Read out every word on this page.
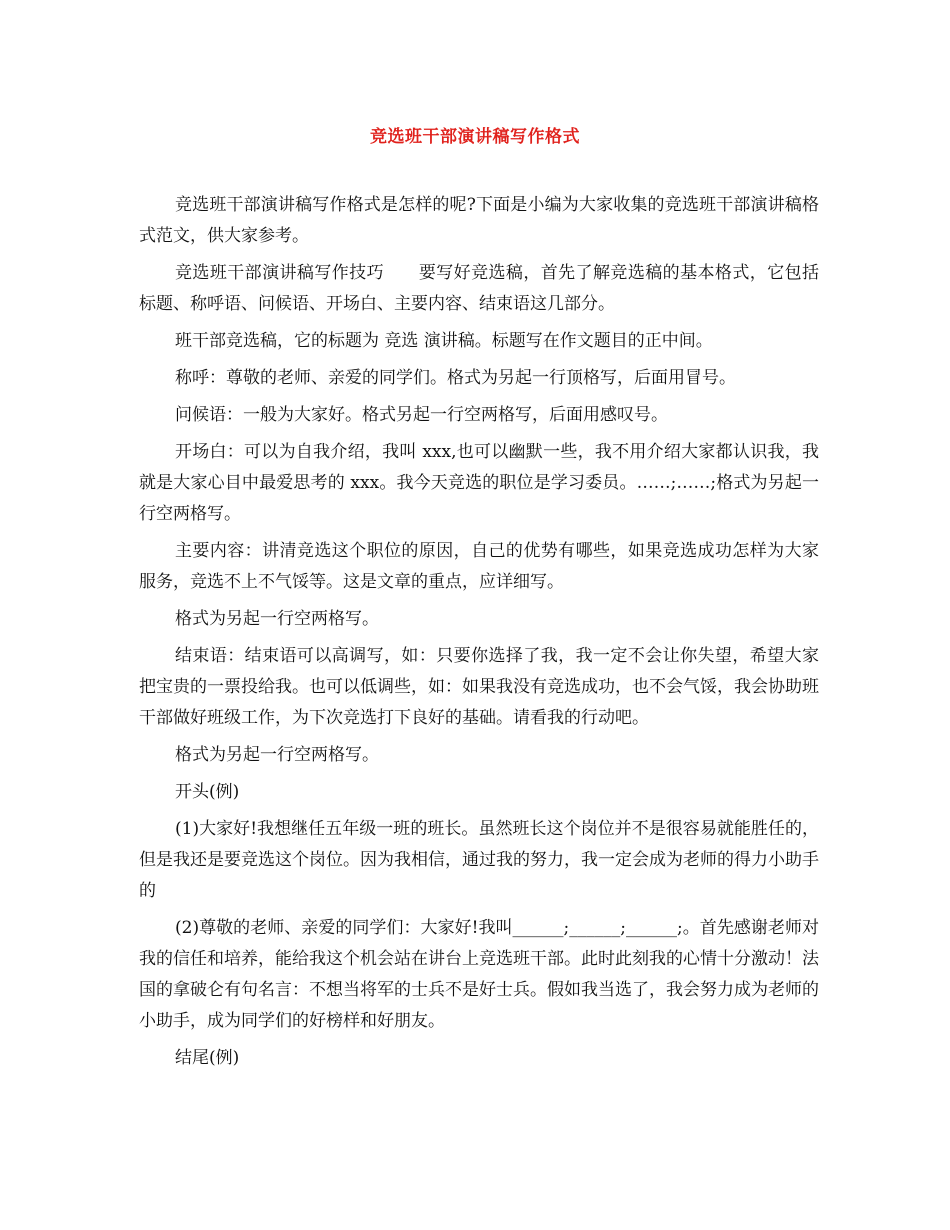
竞选班干部演讲稿写作格式

竞选班干部演讲稿写作格式是怎样的呢?下面是小编为大家收集的竞选班干部演讲稿格式范文，供大家参考。

竞选班干部演讲稿写作技巧　　要写好竞选稿，首先了解竞选稿的基本格式，它包括标题、称呼语、问候语、开场白、主要内容、结束语这几部分。

班干部竞选稿，它的标题为 竞选 演讲稿。标题写在作文题目的正中间。

称呼：尊敬的老师、亲爱的同学们。格式为另起一行顶格写，后面用冒号。

问候语：一般为大家好。格式另起一行空两格写，后面用感叹号。

开场白：可以为自我介绍，我叫 xxx,也可以幽默一些，我不用介绍大家都认识我，我就是大家心目中最爱思考的 xxx。我今天竞选的职位是学习委员。……;……;格式为另起一行空两格写。

主要内容：讲清竞选这个职位的原因，自己的优势有哪些，如果竞选成功怎样为大家服务，竞选不上不气馁等。这是文章的重点，应详细写。

格式为另起一行空两格写。

结束语：结束语可以高调写，如：只要你选择了我，我一定不会让你失望，希望大家把宝贵的一票投给我。也可以低调些，如：如果我没有竞选成功，也不会气馁，我会协助班干部做好班级工作，为下次竞选打下良好的基础。请看我的行动吧。

格式为另起一行空两格写。

开头(例)

(1)大家好!我想继任五年级一班的班长。虽然班长这个岗位并不是很容易就能胜任的，但是我还是要竞选这个岗位。因为我相信，通过我的努力，我一定会成为老师的得力小助手的

(2)尊敬的老师、亲爱的同学们：大家好!我叫______;______;______;。首先感谢老师对我的信任和培养，能给我这个机会站在讲台上竞选班干部。此时此刻我的心情十分激动！法国的拿破仑有句名言：不想当将军的士兵不是好士兵。假如我当选了，我会努力成为老师的小助手，成为同学们的好榜样和好朋友。

结尾(例)
